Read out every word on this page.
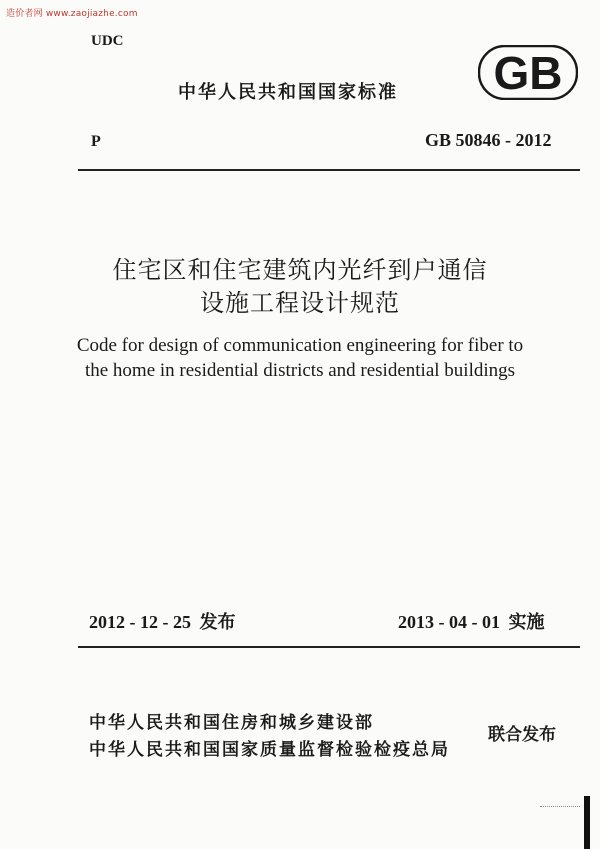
造价者网 www.zaojiazhe.com
UDC
中华人民共和国国家标准 GB
P	GB 50846 - 2012
住宅区和住宅建筑内光纤到户通信
设施工程设计规范
Code for design of communication engineering for fiber to
the home in residential districts and residential buildings
2012 - 12 - 25 发布	2013 - 04 - 01 实施
中华人民共和国住房和城乡建设部
中华人民共和国国家质量监督检验检疫总局
联合发布
